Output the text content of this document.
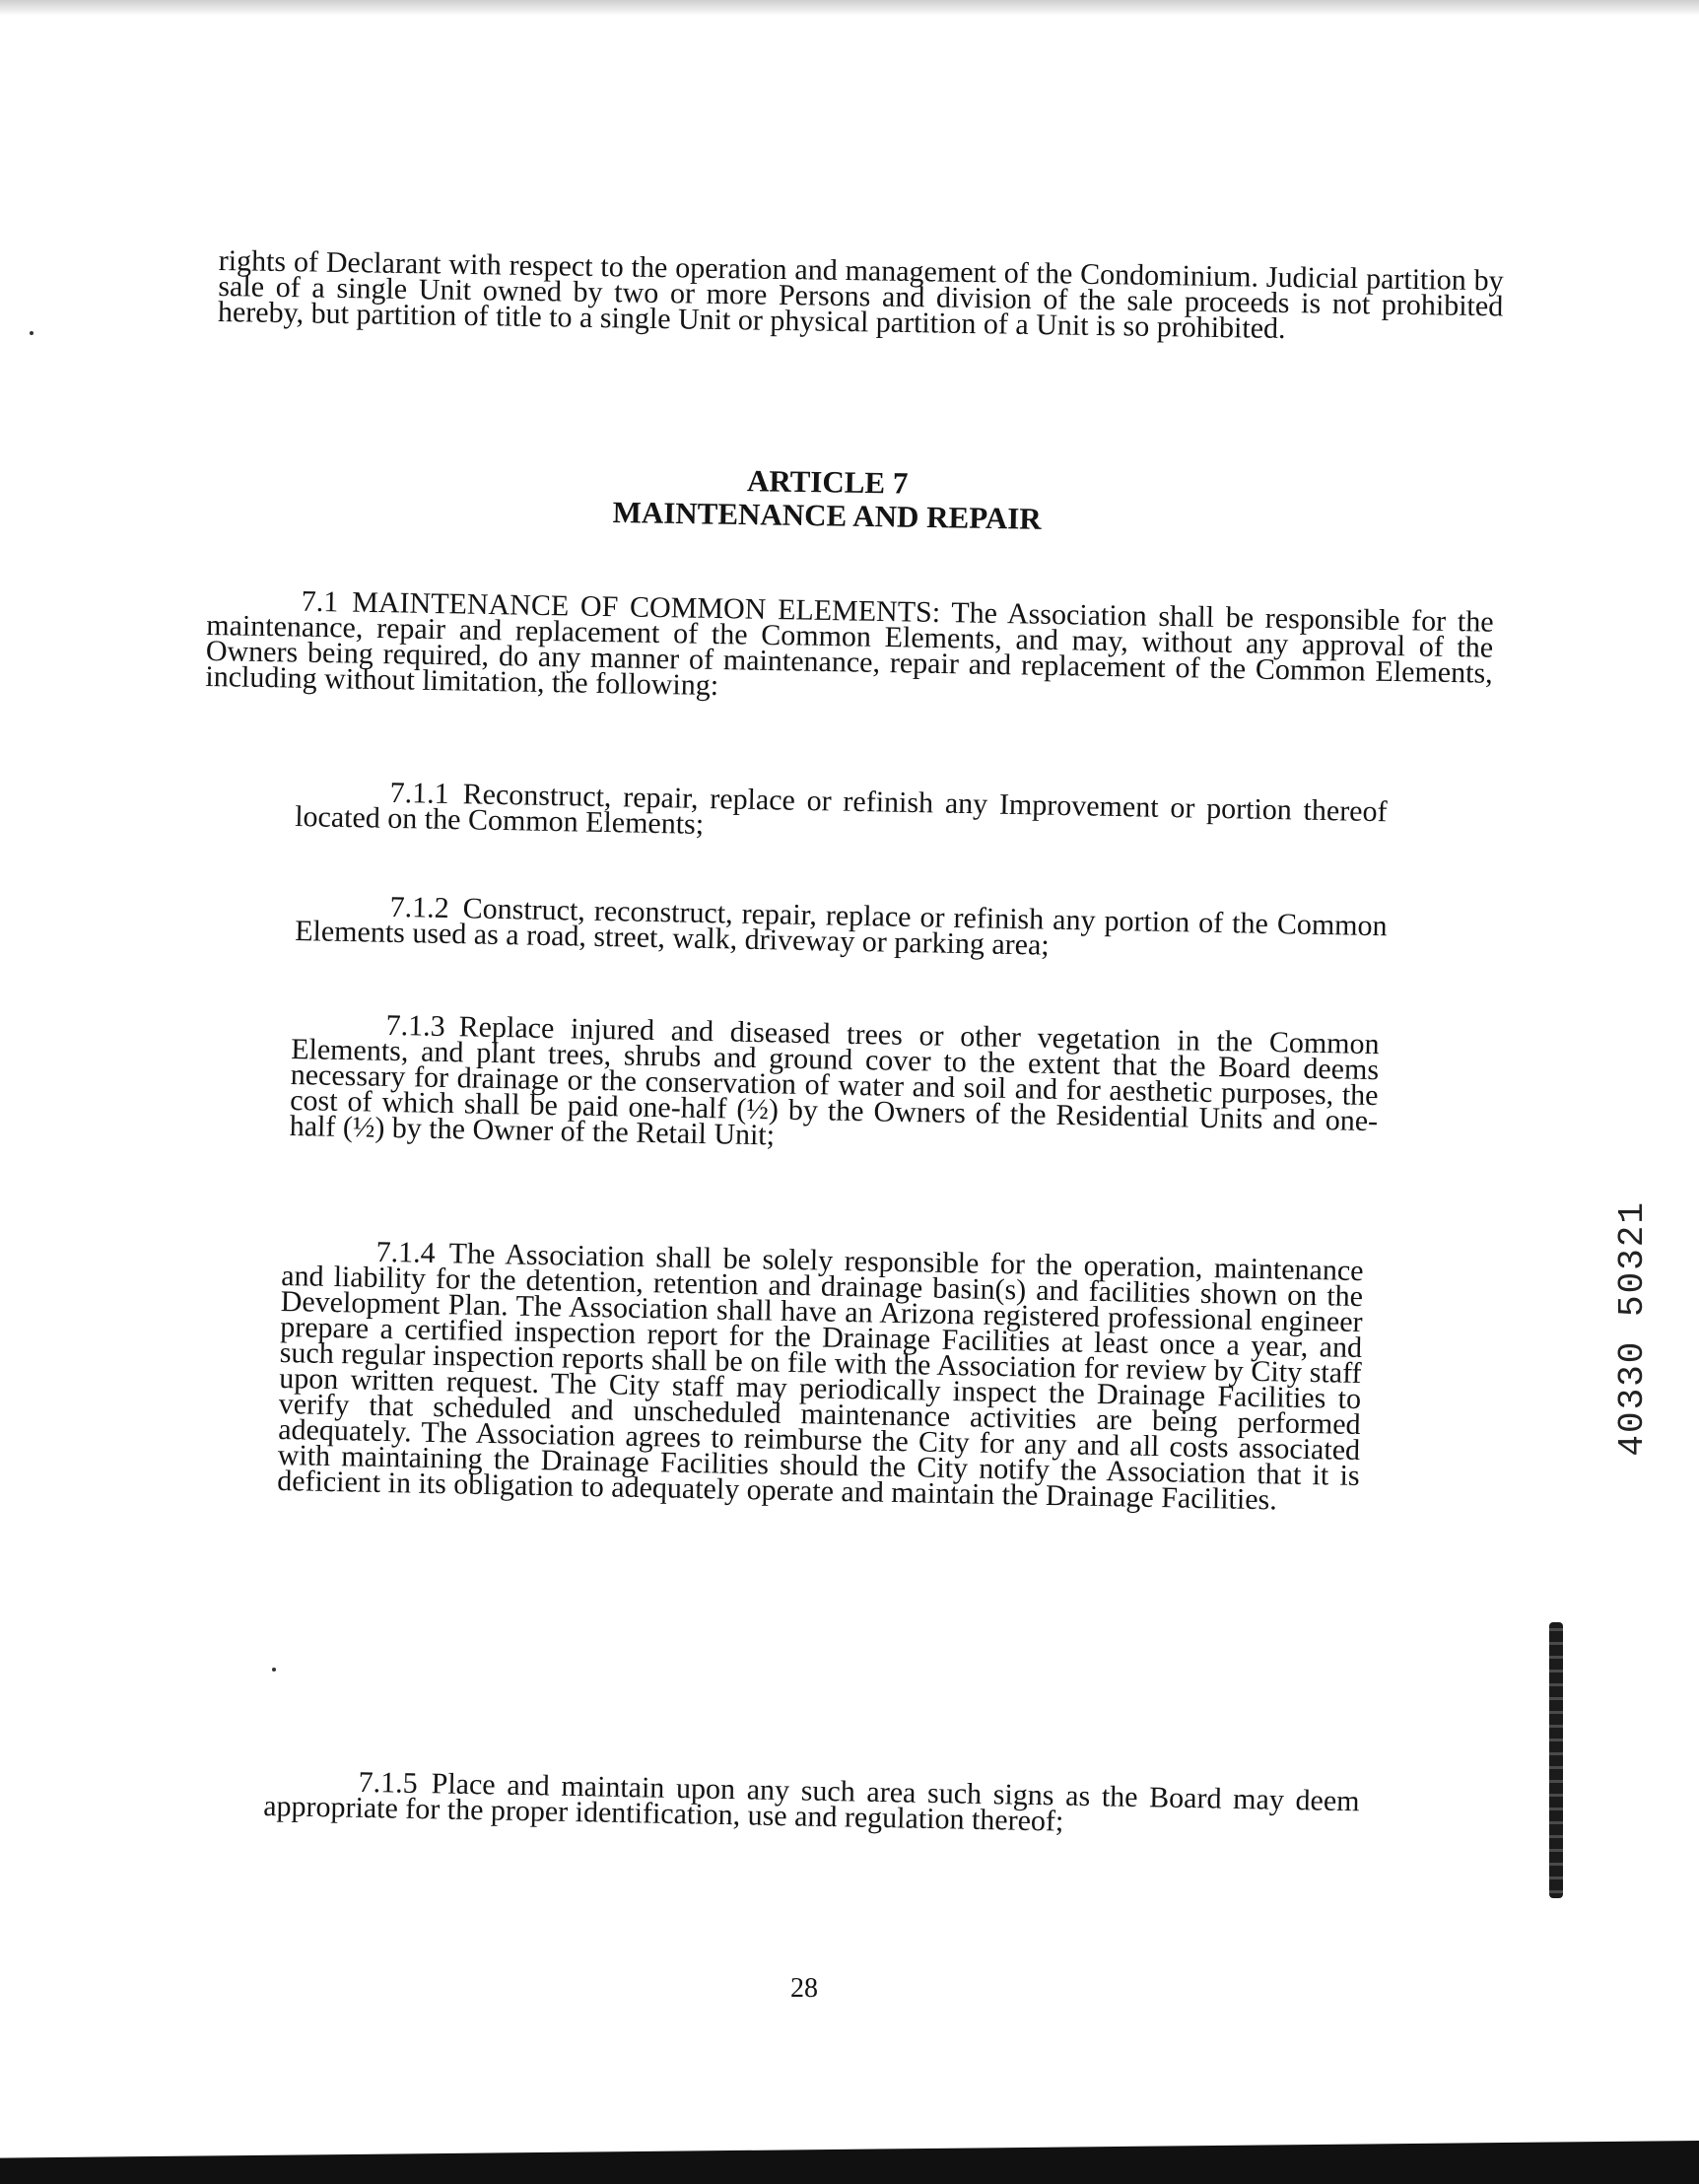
rights of Declarant with respect to the operation and management of the Condominium. Judicial partition by sale of a single Unit owned by two or more Persons and division of the sale proceeds is not prohibited hereby, but partition of title to a single Unit or physical partition of a Unit is so prohibited.

ARTICLE 7
MAINTENANCE AND REPAIR

7.1 MAINTENANCE OF COMMON ELEMENTS: The Association shall be responsible for the maintenance, repair and replacement of the Common Elements, and may, without any approval of the Owners being required, do any manner of maintenance, repair and replacement of the Common Elements, including without limitation, the following:

7.1.1 Reconstruct, repair, replace or refinish any Improvement or portion thereof located on the Common Elements;

7.1.2 Construct, reconstruct, repair, replace or refinish any portion of the Common Elements used as a road, street, walk, driveway or parking area;

7.1.3 Replace injured and diseased trees or other vegetation in the Common Elements, and plant trees, shrubs and ground cover to the extent that the Board deems necessary for drainage or the conservation of water and soil and for aesthetic purposes, the cost of which shall be paid one-half (½) by the Owners of the Residential Units and one-half (½) by the Owner of the Retail Unit;

7.1.4 The Association shall be solely responsible for the operation, maintenance and liability for the detention, retention and drainage basin(s) and facilities shown on the Development Plan. The Association shall have an Arizona registered professional engineer prepare a certified inspection report for the Drainage Facilities at least once a year, and such regular inspection reports shall be on file with the Association for review by City staff upon written request. The City staff may periodically inspect the Drainage Facilities to verify that scheduled and unscheduled maintenance activities are being performed adequately. The Association agrees to reimburse the City for any and all costs associated with maintaining the Drainage Facilities should the City notify the Association that it is deficient in its obligation to adequately operate and maintain the Drainage Facilities.

7.1.5 Place and maintain upon any such area such signs as the Board may deem appropriate for the proper identification, use and regulation thereof;

28
40330 50321
